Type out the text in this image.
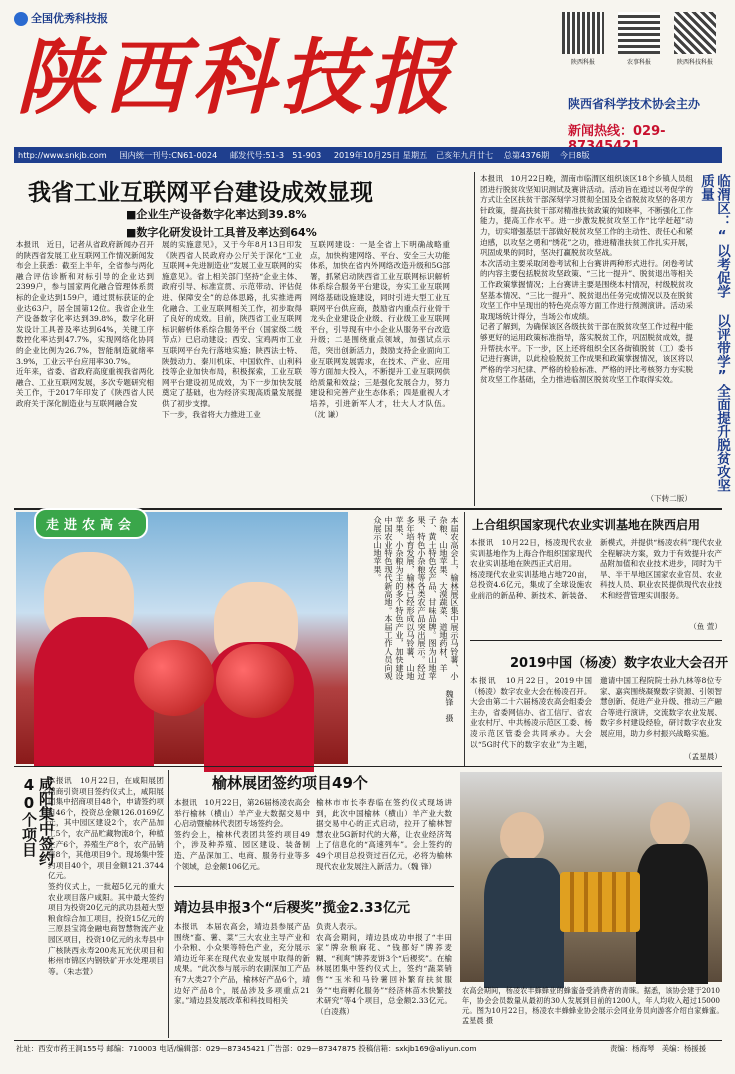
全国优秀科技报
陕西科技报	陕西科报	农事科报	陕西科技科报
陕西省科学技术协会主办
新闻热线：029-
http://www.snkjb.com 国内统一刊号:CN61-0024 邮发代号:51-3　51-903 2019年10月25日 星期五 己亥年九月廿七 总第4376期 今日8版
我省工业互联网平台建设成效显现
■企业生产设备数字化率达到39.8%
■数字化研发设计工具普及率达到64%
本报讯　近日，记者从省政府新闻办召开的陕西省发展工业互联网工作情况新闻发布会上获悉：截至上半年，全省参与两化融合评估诊断和对标引导的企业达到2399户，参与国家两化融合管理体系贯标的企业达到159户，通过贯标获证的企业达63户，居全国第12位。我省企业生产设备数字化率达到39.8%，数字化研发设计工具普及率达到64%，关键工序数控化率达到47.7%，实现网络化协同的企业比例为26.7%，智能制造就绪率3.9%，工业云平台应用率30.7%。
近年来，省委、省政府高度重视我省两化融合、工业互联网发展，多次专题研究相关工作，于2017年印发了《陕西省人民政府关于深化制造业与互联网融合发
展的实施意见》，又于今年8月13日印发《陕西省人民政府办公厅关于深化“工业互联网+先进制造业”发展工业互联网的实施意见》。省上相关部门坚持“企业主体、政府引导、标准宣贯、示范带动、评估促进、保障安全”的总体思路，扎实推进两化融合、工业互联网相关工作，初步取得了良好的成效。目前，陕西省工业互联网标识解析体系综合服务平台（国家级二级节点）已启动建设；西安、宝鸡两市工业互联网平台先行落地实施；陕西法士特、陕鼓动力、秦川机床、中国软件、山利科技等企业加快布局，积极探索，工业互联网平台建设初见成效，为下一步加快发展奠定了基础，也为经济实现高质量发展提供了初步支撑。
下一步，我省将大力推进工业
互联网建设：一是全省上下明确战略重点，加快构建网络、平台、安全三大功能体系，加快在省内外网络改造升级和5G部署，抓紧启动陕西省工业互联网标识解析体系综合服务平台建设，夯实工业互联网网络基础设施建设，同时引进大型工业互联网平台供应商，鼓励省内重点行业骨干龙头企业建设企业级、行业级工业互联网平台，引导现有中小企业从服务平台改造升级；二是围绕重点领域，加强试点示范，突出创新活力，鼓励支持企业面向工业互联网发展需求，在技术、产业、应用等方面加大投入，不断提升工业互联网供给质量和效益；三是强化发展合力，努力建设和完善产业生态体系；四是重视人才培养，引进新军人才，壮大人才队伍。（沈 谦）
本报讯　10月22日晚，渭南市临渭区组织该区18个乡镇人员组团进行脱贫攻坚知识测试及赛讲活动。活动旨在通过以考促学的方式让全区扶贫干部深刻学习贯彻全国及全省脱贫攻坚的各项方针政策，提高扶贫干部对精准扶贫政策的知晓率，不断强化工作能力，提高工作水平。进一步激发脱贫攻坚工作“比学赶超”动力，切实增强基层干部做好脱贫攻坚工作的主动性、责任心和紧迫感，以攻坚之勇和“绣花”之功，推进精准扶贫工作扎实开展，巩固成果的同时，坚决打赢脱贫攻坚战。
本次活动主要采取闭卷考试和上台赛讲两种形式进行。闭卷考试的内容主要包括脱贫攻坚政策、“三比一提升”、脱贫退出等相关工作政策掌握情况；上台赛讲主要是围绕本村情况，村级脱贫攻坚基本情况、“三比一提升”、脱贫退出任务完成情况以及在脱贫攻坚工作中呈现出的特色亮点等方面工作进行预测演讲。活动采取现场统计得分，当场公布成绩。
记者了解到，为确保该区各级扶贫干部在脱贫攻坚工作过程中能够更好的运用政策标准指导，落实脱贫工作，巩固脱贫成效，提升帮扶水平。下一步，区上还将组织全区各街镇脱贫（工）委书记进行赛讲，以此检验脱贫工作成果和政策掌握情况，该区将以严格的学习纪律、严格的检验标准、严格的评比考核努力夯实脱贫攻坚工作基础，全力推进临渭区脱贫攻坚工作取得实效。
（下转二版）
临渭区：“以考促学 以评带学”全面提升脱贫攻坚质量
走进农高会	本届农高会上，榆林展区集中展示马铃薯、小杂粮、山地苹果、大漠蔬菜、道地药材、羊子、黄土特色农产品、甘味品牌。图为山地苹果、特色小杂粮等各类农产品突出展示。经过多年培育发展，榆林已经形成以马铃薯、山地苹果、小杂粮为主的多个特色产业，加快建设中国农业特色现代新高地。本届工作人员向观众展示山地苹果。
魏锋　摄
上合组织国家现代农业实训基地在陕西启用
本报讯　10月22日，杨凌现代农业实训基地作为上海合作组织国家现代农业实训基地在陕西正式启用。
杨凌现代农业实训基地占地720亩，总投资4.6亿元，集成了全球设施农业前沿的新品种、新技术、新装备、新模式，并提供“杨凌农科”现代农业全程解决方案，致力于有效提升农产品附加值和农业技术进步，同时为干旱、半干旱地区国家农业官员、农业科技人员、职业农民提供现代农业技术和经营管理实训服务。
（鱼 萱）
2019中国（杨凌）数字农业大会召开
本报讯　10月22日，2019中国（杨凌）数字农业大会在杨凌召开。
大会由第二十六届杨凌农高会组委会主办，省委网信办、省工信厅、省农业农村厅、中共杨凌示范区工委、杨凌示范区管委会共同承办。大会以“5G时代下的数字农业”为主题，邀请中国工程院院士孙九林等8位专家、嘉宾围绕凝聚数字资源、引领智慧创新、促进产业升级、推动三产融合等进行演讲，交流数字农业发展、数字乡村建设经验，研讨数字农业发展应用，助力乡村振兴战略实施。
（孟星晨）
咸阳集中签约40个项目	本报讯　10月22日，在咸阳展团招商引资项目签约仪式上，咸阳展团集中招商项目48个，申请签约项目46个，投资总金额126.0169亿元，其中园区建设2个，农产品加工5个，农产品贮藏物流8个，种植生产6个，养殖生产8个，农产品销售8个，其他项目9个。现场集中签约项目40个，项目金额121.3744亿元。
签约仪式上，一批超5亿元的重大农业项目落户咸阳。其中最大签约项目为投资20亿元的武功县超大型粮食综合加工项目，投资15亿元的三原县宝湾金融电商智慧物流产业园区项目，投资10亿元的永寿县中广核陕西永寿200兆瓦光伏项目和彬州市锦区内钢铁矿开水处理项目等。（朱志萱）
榆林展团签约项目49个
本报讯　10月22日，第26届杨凌农高会举行榆林（横山）羊产业大数据交易中心启动暨榆林代表团专场签约会。
签约会上，榆林代表团共签约项目49个，涉及种养殖、园区建设、装备制造、产品深加工、电商、服务行业等多个领域，总金额106亿元。
榆林市市长李春临在签约仪式现场讲到，此次中国榆林（横山）羊产业大数据交易中心的正式启动，拉开了榆林智慧农业5G新时代的大幕，让农业经济驾上了信息化的“高速列车”。会上签约的49个项目总投资过百亿元，必将为榆林现代农业发展注入新活力。（魏 锋）
靖边县申报3个“后稷奖”揽金2.33亿元
本报讯　本届农高会，靖边县参展产品围绕“畜、薯、菜”三大农业主导产业和小杂粮、小众果等特色产业，充分展示靖边近年来在现代农业发展中取得的新成果。“此次参与展示的农副深加工产品有7大类27个产品，榆林好产品6个，靖边好产品8个，展品涉及多项重点21家。”靖边县发展改革和科技局相关
负责人表示。
农高会期间，靖边县成功申报了“丰田家”牌杂粮麻花、“钱都好”牌荞麦糊、“利爽”牌荞麦饼3个“后稷奖”。在榆林展团集中签约仪式上，签约“蔬菜销售”“玉米和马铃薯回补繁育扶贫服务”“电商孵化服务”“经济林苗木快繁技术研究”等4个项目，总金额2.33亿元。（白凌燕）
农高会期间，杨凌农丰蜂蜂业的蜂蜜备受消费者的青睐。据悉，该协会建于2010年，协会会员数量从最初的30人发展到目前的1200人，年人均收入超过15000元。图为10月22日，杨凌农丰蜂蜂业协会展示会同业务员向游客介绍自家蜂蜜。　孟星晨 摄
社址：西安市药王洞155号 邮编：710003 电话/编辑部：029—87345421 广告部：029—87347875 投稿信箱：sxkjb169@aliyun.com	责编：杨海琴　美编：杨援援
